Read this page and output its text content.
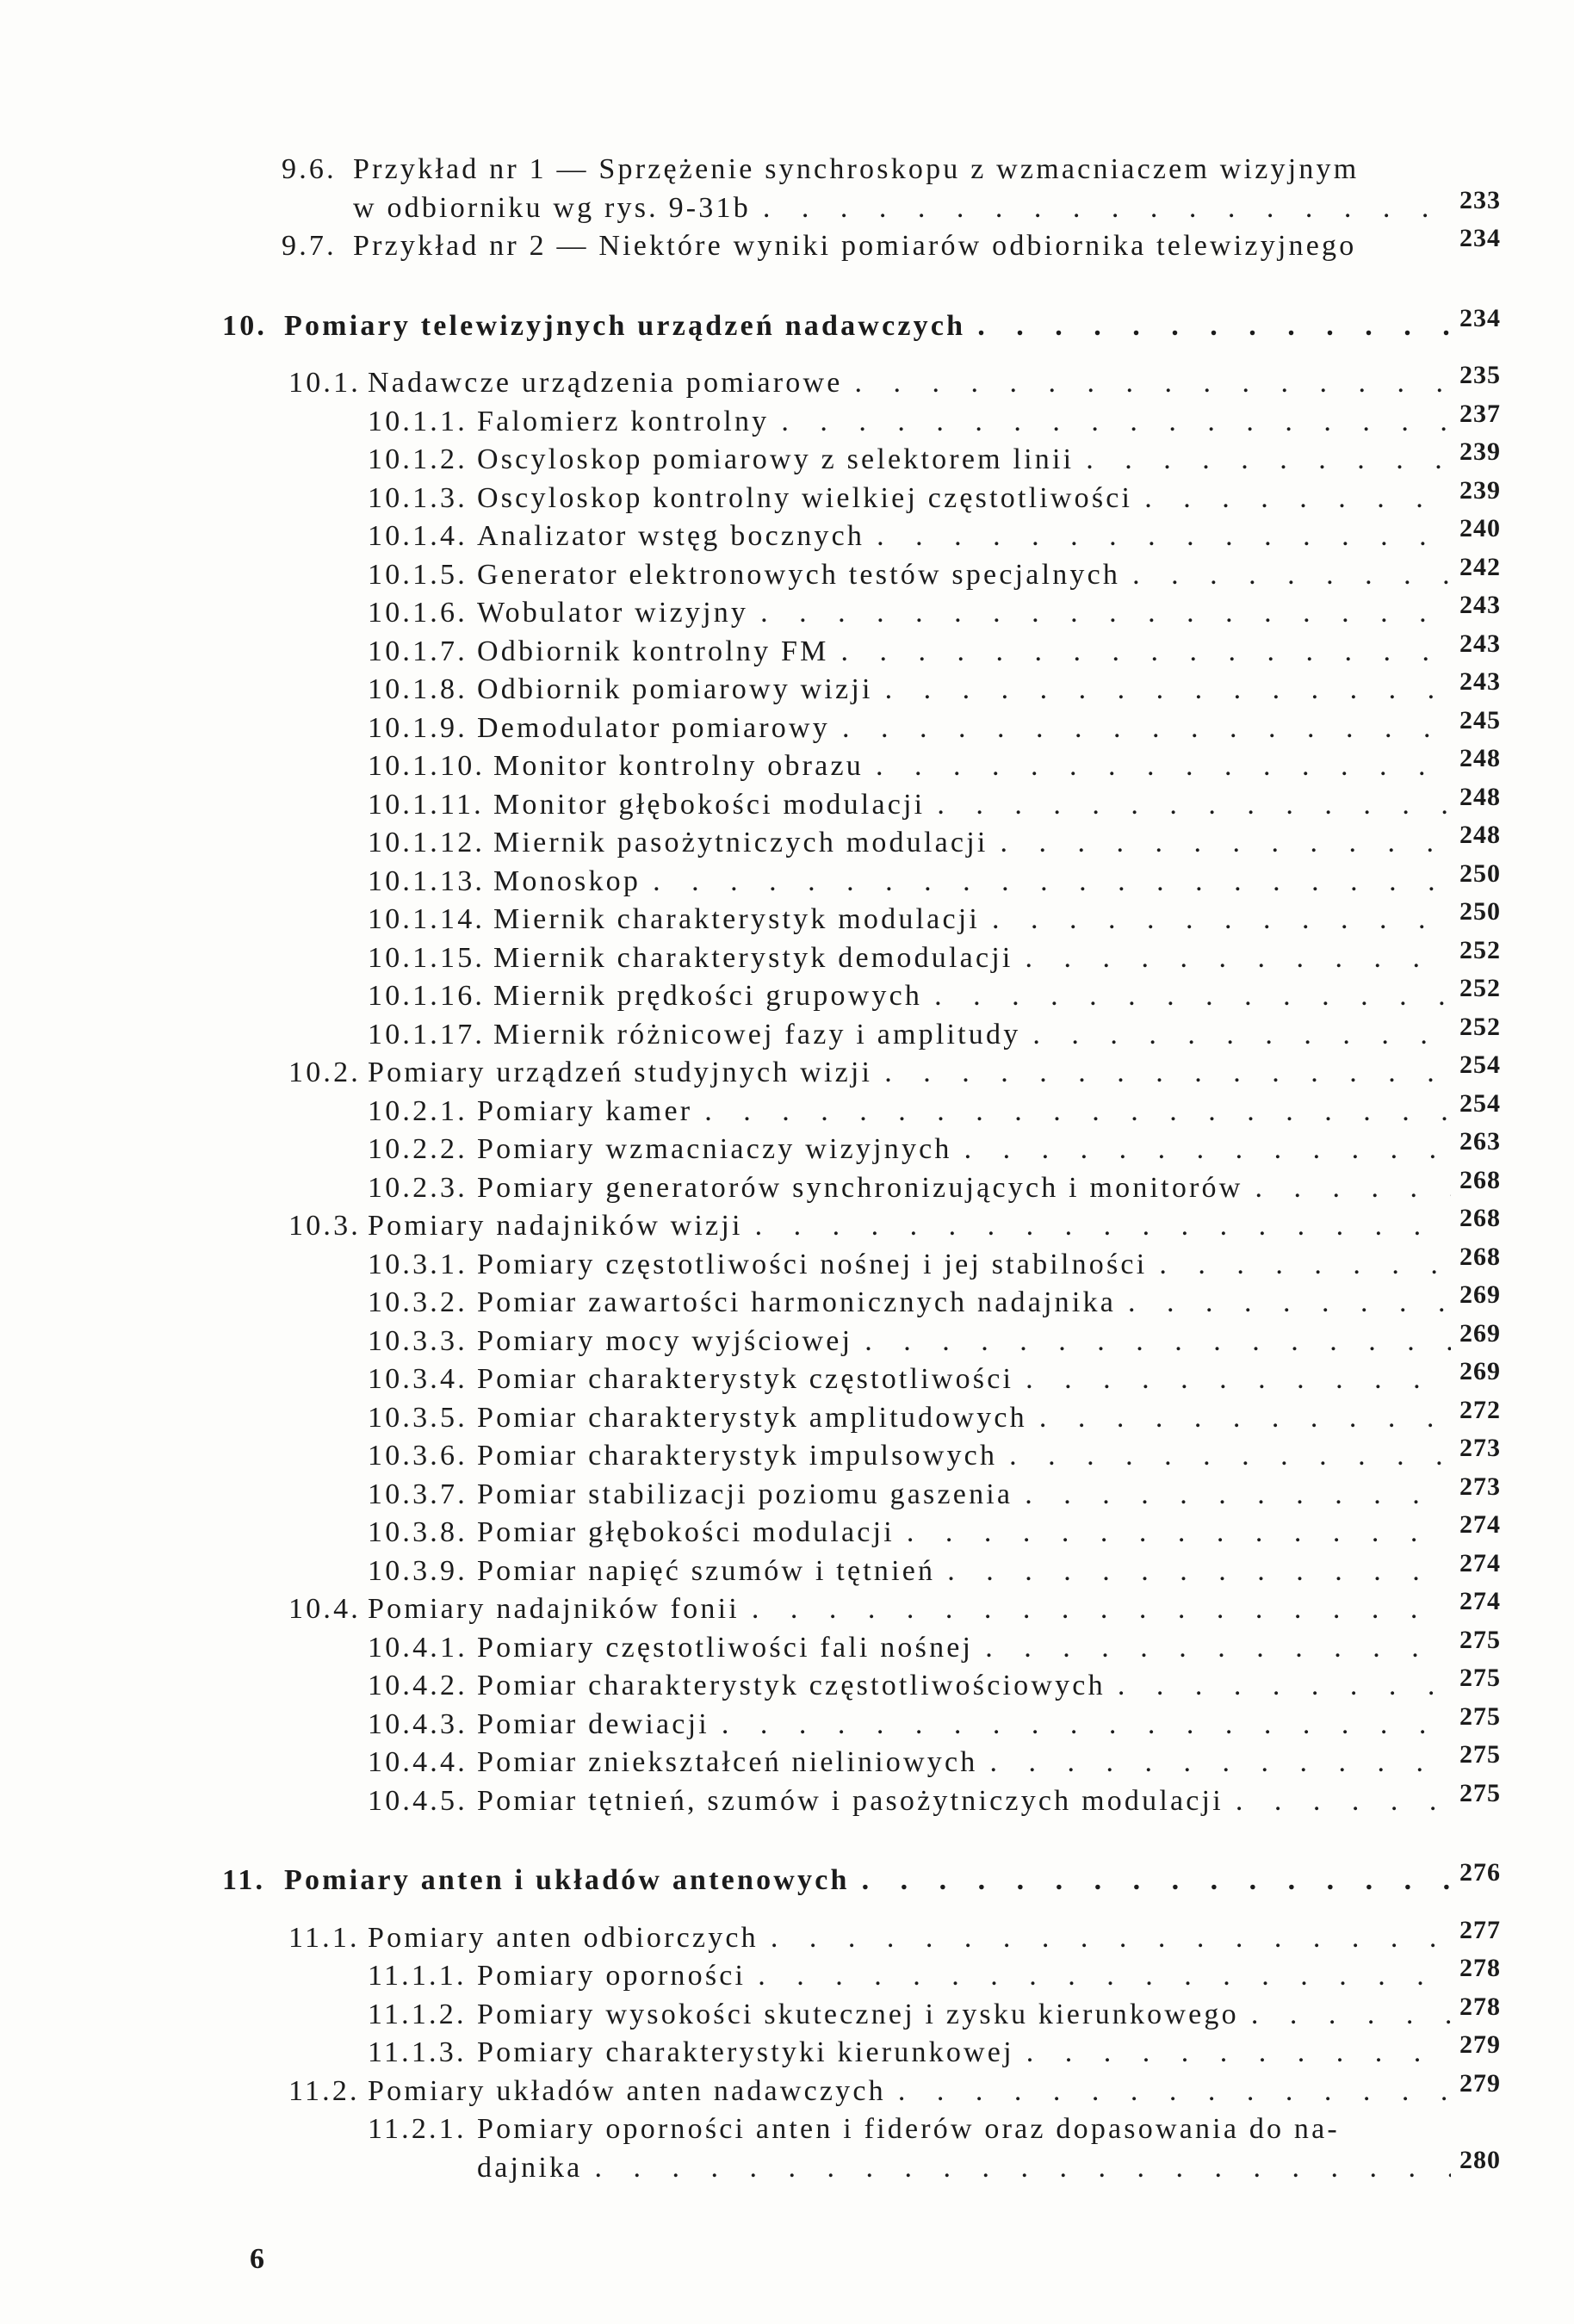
9.6. Przykład nr 1 — Sprzężenie synchroskopu z wzmacniaczem wizyjnym
w odbiorniku wg rys. 9-31b . . .	233
9.7. Przykład nr 2 — Niektóre wyniki pomiarów odbiornika telewizyjnego	234
10. Pomiary telewizyjnych urządzeń nadawczych . . .	234
10.1. Nadawcze urządzenia pomiarowe . . .	235
10.1.1. Falomierz kontrolny . . .	237
10.1.2. Oscyloskop pomiarowy z selektorem linii . . .	239
10.1.3. Oscyloskop kontrolny wielkiej częstotliwości . . .	239
10.1.4. Analizator wstęg bocznych . . .	240
10.1.5. Generator elektronowych testów specjalnych . . .	242
10.1.6. Wobulator wizyjny . . .	243
10.1.7. Odbiornik kontrolny FM . . .	243
10.1.8. Odbiornik pomiarowy wizji . . .	243
10.1.9. Demodulator pomiarowy . . .	245
10.1.10. Monitor kontrolny obrazu . . .	248
10.1.11. Monitor głębokości modulacji . . .	248
10.1.12. Miernik pasożytniczych modulacji . . .	248
10.1.13. Monoskop . . .	250
10.1.14. Miernik charakterystyk modulacji . . .	250
10.1.15. Miernik charakterystyk demodulacji . . .	252
10.1.16. Miernik prędkości grupowych . . .	252
10.1.17. Miernik różnicowej fazy i amplitudy . . .	252
10.2. Pomiary urządzeń studyjnych wizji . . .	254
10.2.1. Pomiary kamer . . .	254
10.2.2. Pomiary wzmacniaczy wizyjnych . . .	263
10.2.3. Pomiary generatorów synchronizujących i monitorów . . .	268
10.3. Pomiary nadajników wizji . . .	268
10.3.1. Pomiary częstotliwości nośnej i jej stabilności . . .	268
10.3.2. Pomiar zawartości harmonicznych nadajnika . . .	269
10.3.3. Pomiary mocy wyjściowej . . .	269
10.3.4. Pomiar charakterystyk częstotliwości . . .	269
10.3.5. Pomiar charakterystyk amplitudowych . . .	272
10.3.6. Pomiar charakterystyk impulsowych . . .	273
10.3.7. Pomiar stabilizacji poziomu gaszenia . . .	273
10.3.8. Pomiar głębokości modulacji . . .	274
10.3.9. Pomiar napięć szumów i tętnień . . .	274
10.4. Pomiary nadajników fonii . . .	274
10.4.1. Pomiary częstotliwości fali nośnej . . .	275
10.4.2. Pomiar charakterystyk częstotliwościowych . . .	275
10.4.3. Pomiar dewiacji . . .	275
10.4.4. Pomiar zniekształceń nieliniowych . . .	275
10.4.5. Pomiar tętnień, szumów i pasożytniczych modulacji . . .	275
11. Pomiary anten i układów antenowych . . .	276
11.1. Pomiary anten odbiorczych . . .	277
11.1.1. Pomiary oporności . . .	278
11.1.2. Pomiary wysokości skutecznej i zysku kierunkowego . . .	278
11.1.3. Pomiary charakterystyki kierunkowej . . .	279
11.2. Pomiary układów anten nadawczych . . .	279
11.2.1. Pomiary oporności anten i fiderów oraz dopasowania do na-
dajnika . . .	280
6
